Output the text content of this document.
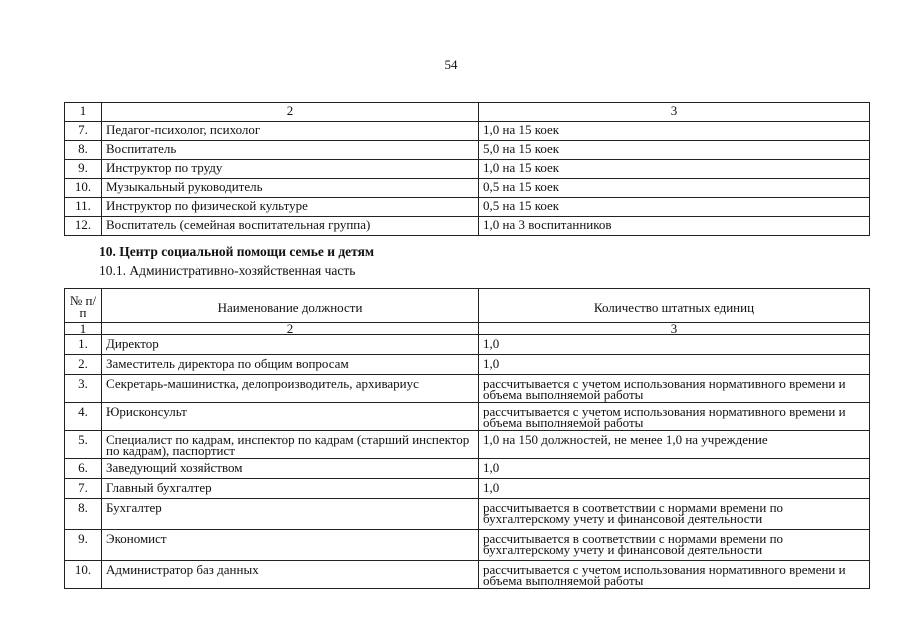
54
1	2	3
7.	Педагог-психолог, психолог	1,0 на 15 коек
8.	Воспитатель	5,0 на 15 коек
9.	Инструктор по труду	1,0 на 15 коек
10.	Музыкальный руководитель	0,5 на 15 коек
11.	Инструктор по физической культуре	0,5 на 15 коек
12.	Воспитатель (семейная воспитательная группа)	1,0 на 3 воспитанников
10. Центр социальной помощи семье и детям
10.1. Административно-хозяйственная часть
№ п/п	Наименование должности	Количество штатных единиц
1	2	3
1.	Директор	1,0
2.	Заместитель директора по общим вопросам	1,0
3.	Секретарь-машинистка, делопроизводитель, архивариус	рассчитывается с учетом использования нормативного времени и объема выполняемой работы
4.	Юрисконсульт	рассчитывается с учетом использования нормативного времени и объема выполняемой работы
5.	Специалист по кадрам, инспектор по кадрам (старший инспектор по кадрам), паспортист	1,0 на 150 должностей, не менее 1,0 на учреждение
6.	Заведующий хозяйством	1,0
7.	Главный бухгалтер	1,0
8.	Бухгалтер	рассчитывается в соответствии с нормами времени по бухгалтерскому учету и финансовой деятельности
9.	Экономист	рассчитывается в соответствии с нормами времени по бухгалтерскому учету и финансовой деятельности
10.	Администратор баз данных	рассчитывается с учетом использования нормативного времени и объема выполняемой работы
